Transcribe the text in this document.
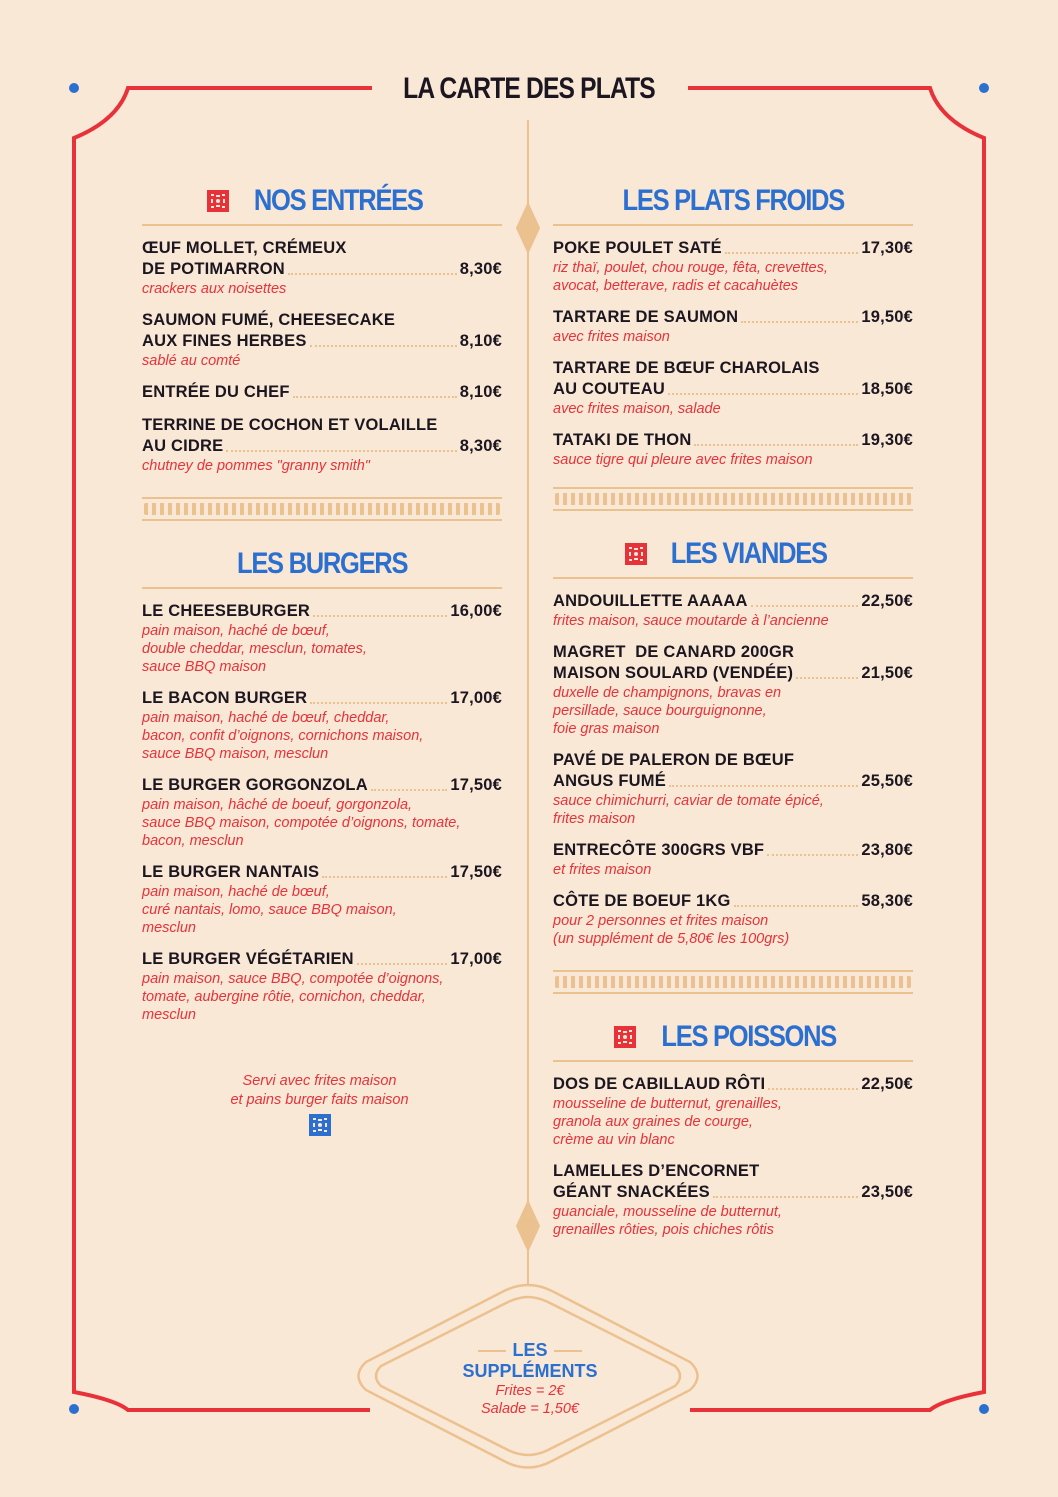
LA CARTE DES PLATS
NOS ENTRÉES
ŒUF MOLLET, CRÉMEUX
DE POTIMARRON	8,30€
crackers aux noisettes
SAUMON FUMÉ, CHEESECAKE
AUX FINES HERBES	8,10€
sablé au comté
ENTRÉE DU CHEF	8,10€
TERRINE DE COCHON ET VOLAILLE
AU CIDRE	8,30€
chutney de pommes "granny smith"
LES BURGERS
LE CHEESEBURGER	16,00€
pain maison, haché de bœuf,
double cheddar, mesclun, tomates,
sauce BBQ maison
LE BACON BURGER	17,00€
pain maison, haché de bœuf, cheddar,
bacon, confit d’oignons, cornichons maison,
sauce BBQ maison, mesclun
LE BURGER GORGONZOLA	17,50€
pain maison, hâché de boeuf, gorgonzola,
sauce BBQ maison, compotée d’oignons, tomate,
bacon, mesclun
LE BURGER NANTAIS	17,50€
pain maison, haché de bœuf,
curé nantais, lomo, sauce BBQ maison,
mesclun
LE BURGER VÉGÉTARIEN	17,00€
pain maison, sauce BBQ, compotée d’oignons,
tomate, aubergine rôtie, cornichon, cheddar,
mesclun
Servi avec frites maison
et pains burger faits maison
LES PLATS FROIDS
POKE POULET SATÉ	17,30€
riz thaï, poulet, chou rouge, fêta, crevettes,
avocat, betterave, radis et cacahuètes
TARTARE DE SAUMON	19,50€
avec frites maison
TARTARE DE BŒUF CHAROLAIS
AU COUTEAU	18,50€
avec frites maison, salade
TATAKI DE THON	19,30€
sauce tigre qui pleure avec frites maison
LES VIANDES
ANDOUILLETTE AAAAA	22,50€
frites maison, sauce moutarde à l’ancienne
MAGRET  DE CANARD 200GR
MAISON SOULARD (VENDÉE)	21,50€
duxelle de champignons, bravas en
persillade, sauce bourguignonne,
foie gras maison
PAVÉ DE PALERON DE BŒUF
ANGUS FUMÉ	25,50€
sauce chimichurri, caviar de tomate épicé,
frites maison
ENTRECÔTE 300GRS VBF	23,80€
et frites maison
CÔTE DE BOEUF 1KG	58,30€
pour 2 personnes et frites maison
(un supplément de 5,80€ les 100grs)
LES POISSONS
DOS DE CABILLAUD RÔTI	22,50€
mousseline de butternut, grenailles,
granola aux graines de courge,
crème au vin blanc
LAMELLES D’ENCORNET
GÉANT SNACKÉES	23,50€
guanciale, mousseline de butternut,
grenailles rôties, pois chiches rôtis
LES
SUPPLÉMENTS
Frites = 2€
Salade = 1,50€
